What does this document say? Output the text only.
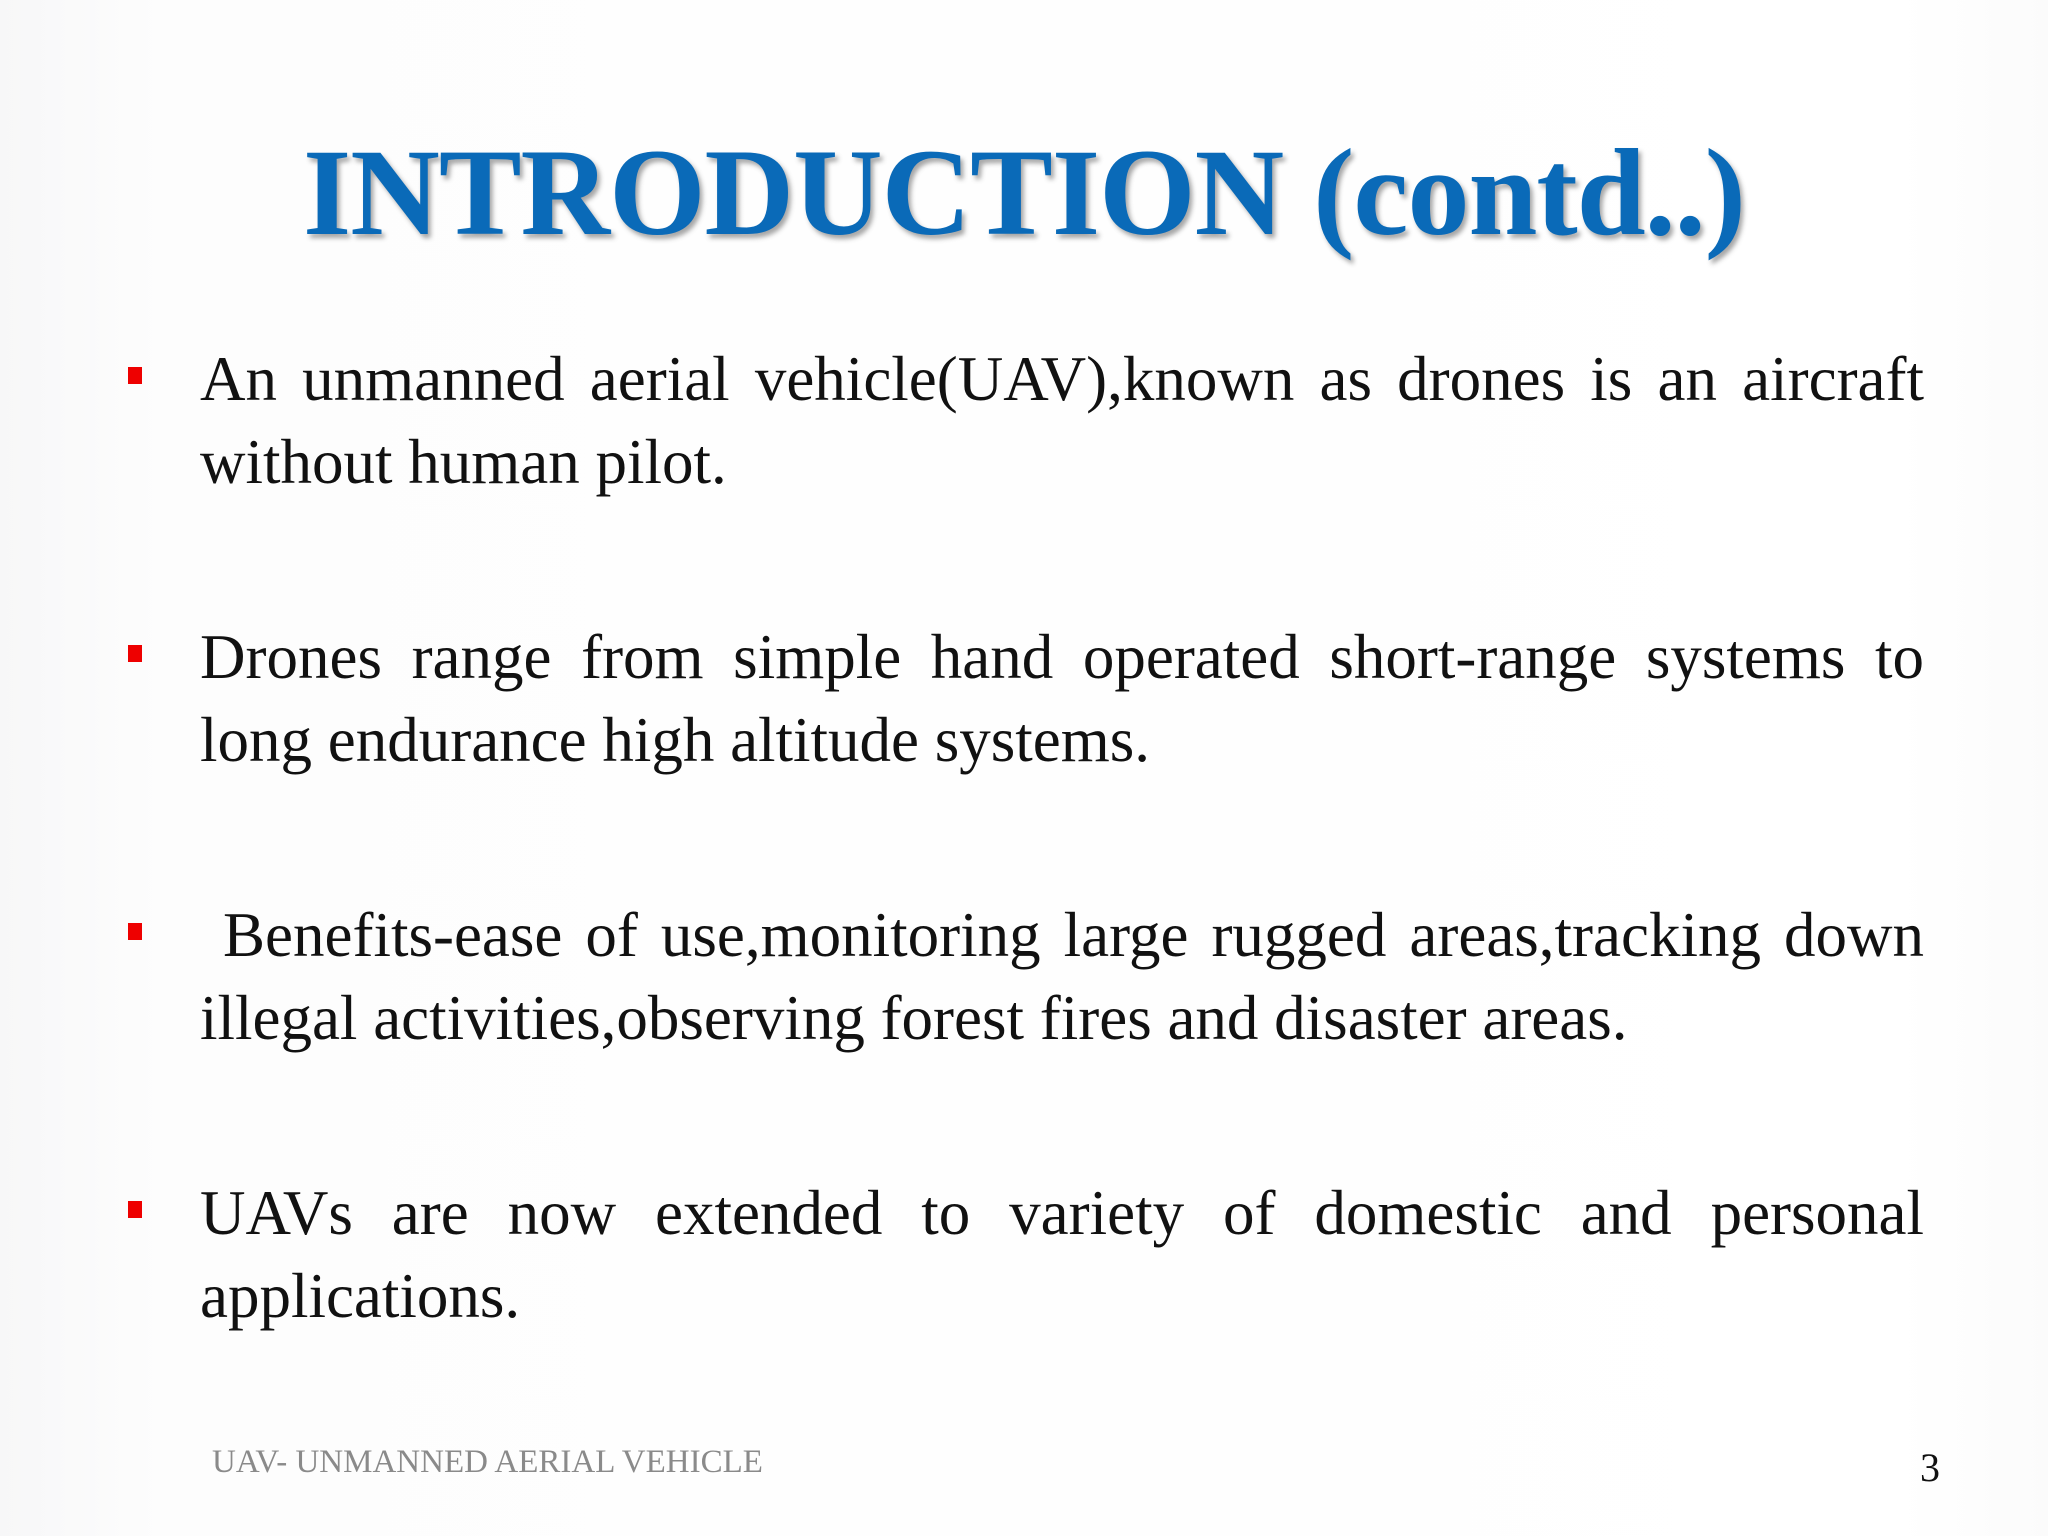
INTRODUCTION (contd..)
An unmanned aerial vehicle(UAV),known as drones is an aircraft without human pilot.
Drones range from simple hand operated short-range systems to long endurance high altitude systems.
Benefits-ease of use,monitoring large rugged areas,tracking down illegal activities,observing forest fires and disaster areas.
UAVs are now extended to variety of domestic and personal applications.
UAV- UNMANNED AERIAL VEHICLE	3
